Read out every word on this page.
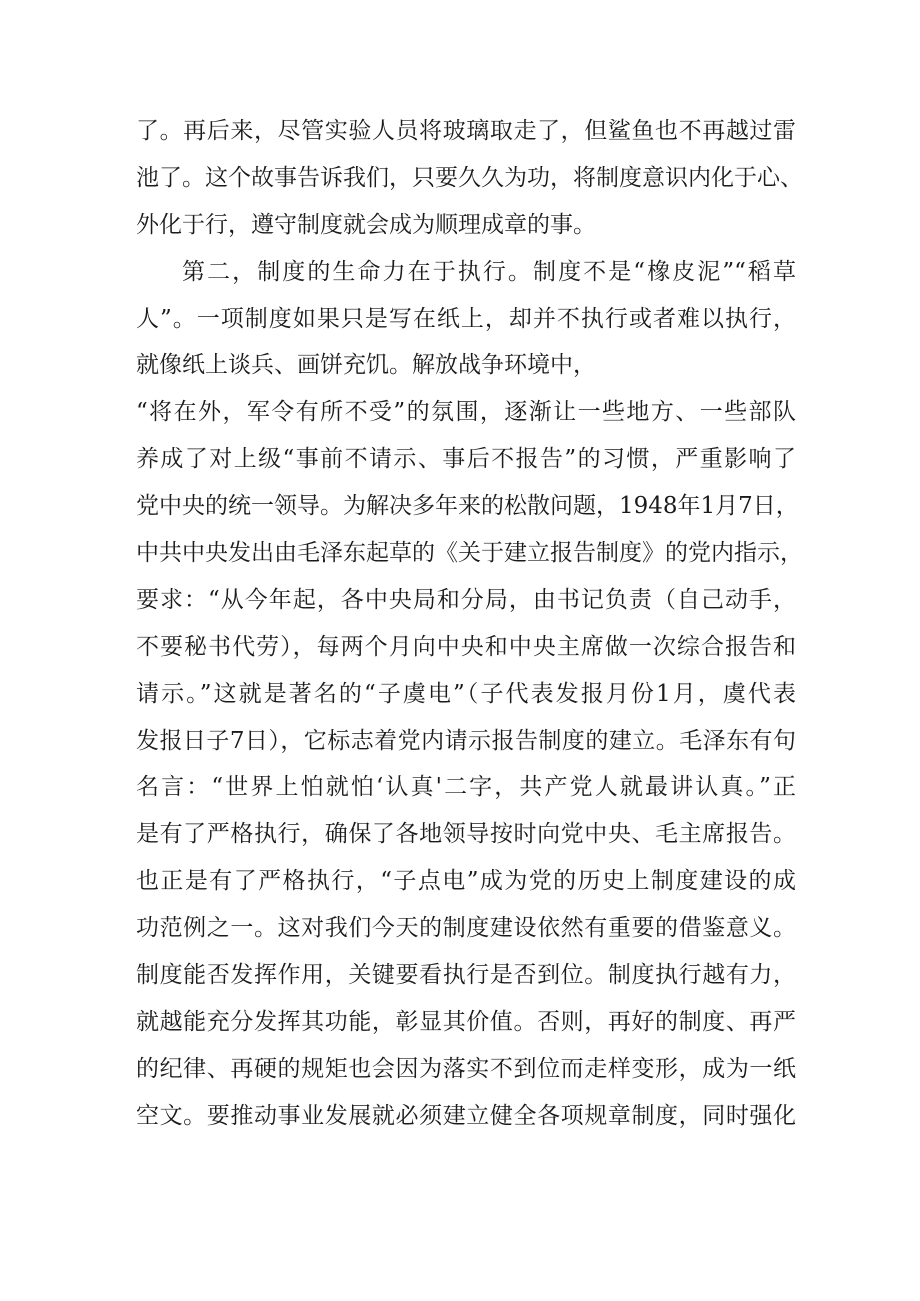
了。再后来，尽管实验人员将玻璃取走了，但鲨鱼也不再越过雷
池了。这个故事告诉我们，只要久久为功，将制度意识内化于心、
外化于行，遵守制度就会成为顺理成章的事。
第二，制度的生命力在于执行。制度不是“橡皮泥”“稻草
人”。一项制度如果只是写在纸上，却并不执行或者难以执行，
就像纸上谈兵、画饼充饥。解放战争环境中，
“将在外，军令有所不受”的氛围，逐渐让一些地方、一些部队
养成了对上级“事前不请示、事后不报告”的习惯，严重影响了
党中央的统一领导。为解决多年来的松散问题，1948年1月7日，
中共中央发出由毛泽东起草的《关于建立报告制度》的党内指示，
要求：“从今年起，各中央局和分局，由书记负责（自己动手，
不要秘书代劳），每两个月向中央和中央主席做一次综合报告和
请示。”这就是著名的“子虞电”（子代表发报月份1月，虞代表
发报日子7日），它标志着党内请示报告制度的建立。毛泽东有句
名言：“世界上怕就怕‘认真'二字，共产党人就最讲认真。”正
是有了严格执行，确保了各地领导按时向党中央、毛主席报告。
也正是有了严格执行，“子点电”成为党的历史上制度建设的成
功范例之一。这对我们今天的制度建设依然有重要的借鉴意义。
制度能否发挥作用，关键要看执行是否到位。制度执行越有力，
就越能充分发挥其功能，彰显其价值。否则，再好的制度、再严
的纪律、再硬的规矩也会因为落实不到位而走样变形，成为一纸
空文。要推动事业发展就必须建立健全各项规章制度，同时强化
